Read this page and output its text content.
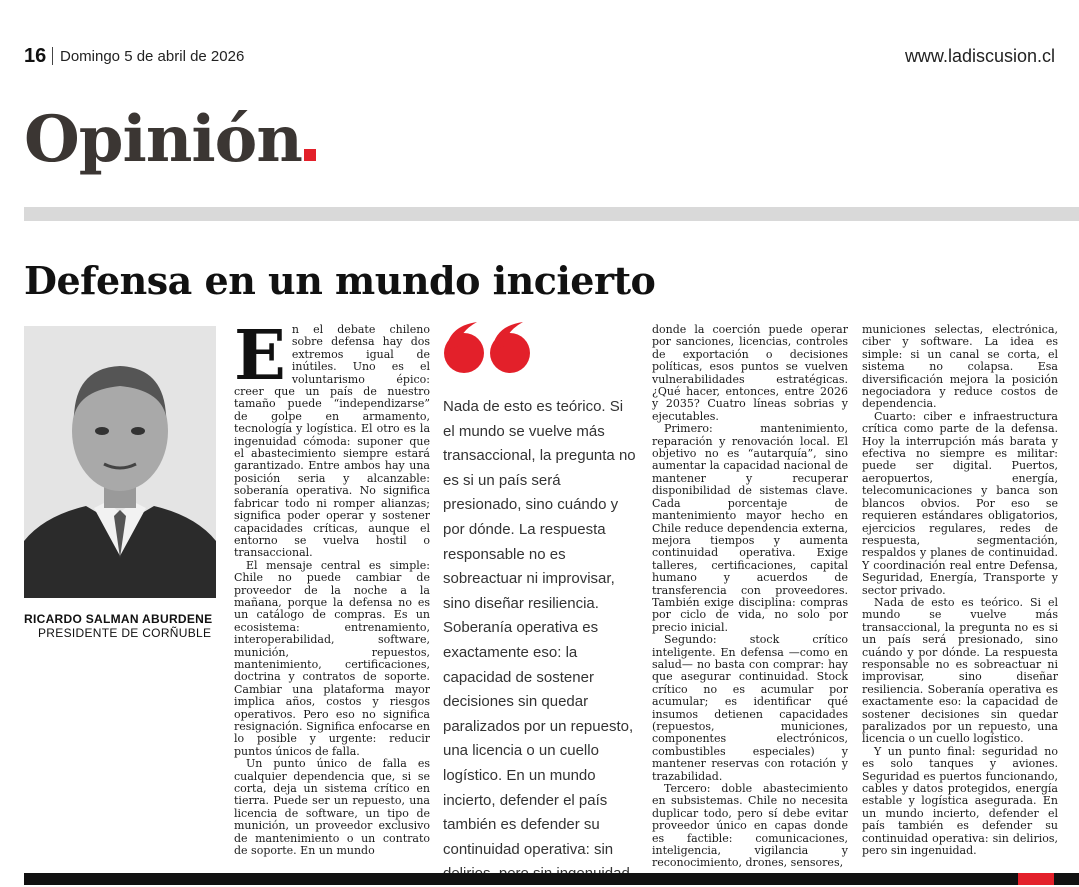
16 Domingo 5 de abril de 2026	www.ladiscusion.cl
Opinión
Defensa en un mundo incierto
RICARDO SALMAN ABURDENE
PRESIDENTE DE CORÑUBLE
E n el debate chileno sobre defensa hay dos extremos igual de inútiles. Uno es el voluntarismo épico: creer que un país de nuestro tamaño puede “independizarse” de golpe en armamento, tecnología y logística. El otro es la ingenuidad cómoda: suponer que el abastecimiento siempre estará garantizado. Entre ambos hay una posición seria y alcanzable: soberanía operativa. No significa fabricar todo ni romper alianzas; significa poder operar y sostener capacidades críticas, aunque el entorno se vuelva hostil o transaccional.

El mensaje central es simple: Chile no puede cambiar de proveedor de la noche a la mañana, porque la defensa no es un catálogo de compras. Es un ecosistema: entrenamiento, interoperabilidad, software, munición, repuestos, mantenimiento, certificaciones, doctrina y contratos de soporte. Cambiar una plataforma mayor implica años, costos y riesgos operativos. Pero eso no significa resignación. Significa enfocarse en lo posible y urgente: reducir puntos únicos de falla.

Un punto único de falla es cualquier dependencia que, si se corta, deja un sistema crítico en tierra. Puede ser un repuesto, una licencia de software, un tipo de munición, un proveedor exclusivo de mantenimiento o un contrato de soporte. En un mundo

Nada de esto es teórico. Si el mundo se vuelve más transaccional, la pregunta no es si un país será presionado, sino cuándo y por dónde. La respuesta responsable no es sobreactuar ni improvisar, sino diseñar resiliencia. Soberanía operativa es exactamente eso: la capacidad de sostener decisiones sin quedar paralizados por un repuesto, una licencia o un cuello logístico. En un mundo incierto, defender el país también es defender su continuidad operativa: sin

donde la coerción puede operar por sanciones, licencias, controles de exportación o decisiones políticas, esos puntos se vuelven vulnerabilidades estratégicas. ¿Qué hacer, entonces, entre 2026 y 2035? Cuatro líneas sobrias y ejecutables.

Primero: mantenimiento, reparación y renovación local. El objetivo no es “autarquía”, sino aumentar la capacidad nacional de mantener y recuperar disponibilidad de sistemas clave. Cada porcentaje de mantenimiento mayor hecho en Chile reduce dependencia externa, mejora tiempos y aumenta continuidad operativa. Exige talleres, certificaciones, capital humano y acuerdos de transferencia con proveedores. También exige disciplina: compras por ciclo de vida, no solo por precio inicial.

Segundo: stock crítico inteligente. En defensa —como en salud— no basta con comprar: hay que asegurar continuidad. Stock crítico no es acumular por acumular; es identificar qué insumos detienen capacidades (repuestos, municiones, componentes electrónicos, combustibles especiales) y mantener reservas con rotación y trazabilidad.

Tercero: doble abastecimiento en subsistemas. Chile no necesita duplicar todo, pero sí debe evitar proveedor único en capas donde es factible: comunicaciones, inteligencia, vigilancia y reconocimiento, drones, sensores,

municiones selectas, electrónica, ciber y software. La idea es simple: si un canal se corta, el sistema no colapsa. Esa diversificación mejora la posición negociadora y reduce costos de dependencia.

Cuarto: ciber e infraestructura crítica como parte de la defensa. Hoy la interrupción más barata y efectiva no siempre es militar: puede ser digital. Puertos, aeropuertos, energía, telecomunicaciones y banca son blancos obvios. Por eso se requieren estándares obligatorios, ejercicios regulares, redes de respuesta, segmentación, respaldos y planes de continuidad. Y coordinación real entre Defensa, Seguridad, Energía, Transporte y sector privado.

Nada de esto es teórico. Si el mundo se vuelve más transaccional, la pregunta no es si un país será presionado, sino cuándo y por dónde. La respuesta responsable no es sobreactuar ni improvisar, sino diseñar resiliencia. Soberanía operativa es exactamente eso: la capacidad de sostener decisiones sin quedar paralizados por un repuesto, una licencia o un cuello logístico.

Y un punto final: seguridad no es solo tanques y aviones. Seguridad es puertos funcionando, cables y datos protegidos, energía estable y logística asegurada. En un mundo incierto, defender el país también es defender su continuidad operativa: sin delirios, pero sin ingenuidad.
